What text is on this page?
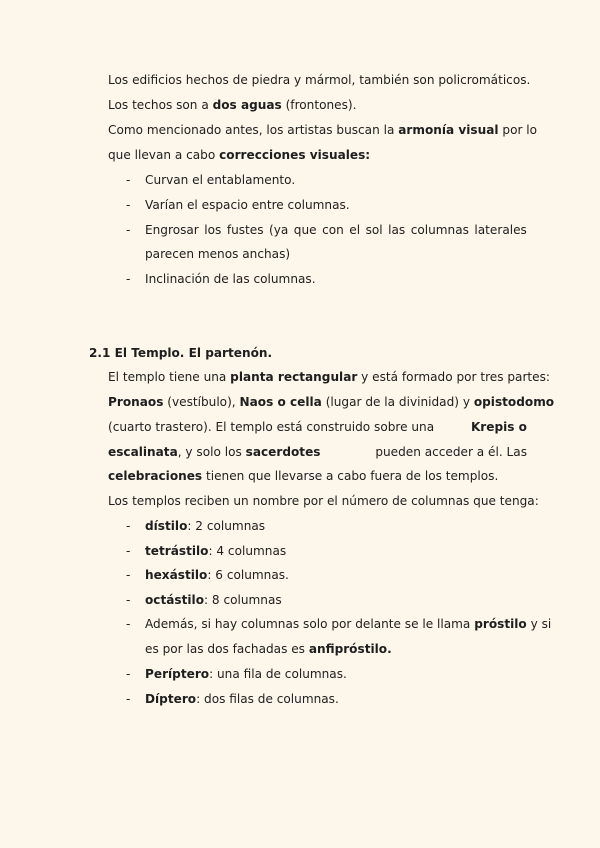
Los edificios hechos de piedra y mármol, también son policromáticos.
Los techos son a dos aguas (frontones).
Como mencionado antes, los artistas buscan la armonía visual por lo
que llevan a cabo correcciones visuales:
- Curvan el entablamento.
- Varían el espacio entre columnas.
- Engrosar los fustes (ya que con el sol las columnas laterales
parecen menos anchas)
- Inclinación de las columnas.
2.1 El Templo. El partenón.
El templo tiene una planta rectangular y está formado por tres partes:
Pronaos (vestíbulo), Naos o cella (lugar de la divinidad) y opistodomo
(cuarto trastero). El templo está construido sobre una	Krepis o
escalinata, y solo los sacerdotes	pueden acceder a él. Las
celebraciones tienen que llevarse a cabo fuera de los templos.
Los templos reciben un nombre por el número de columnas que tenga:
- dístilo: 2 columnas
- tetrástilo: 4 columnas
- hexástilo: 6 columnas.
- octástilo: 8 columnas
- Además, si hay columnas solo por delante se le llama próstilo y si
es por las dos fachadas es anfipróstilo.
- Períptero: una fila de columnas.
- Díptero: dos filas de columnas.
